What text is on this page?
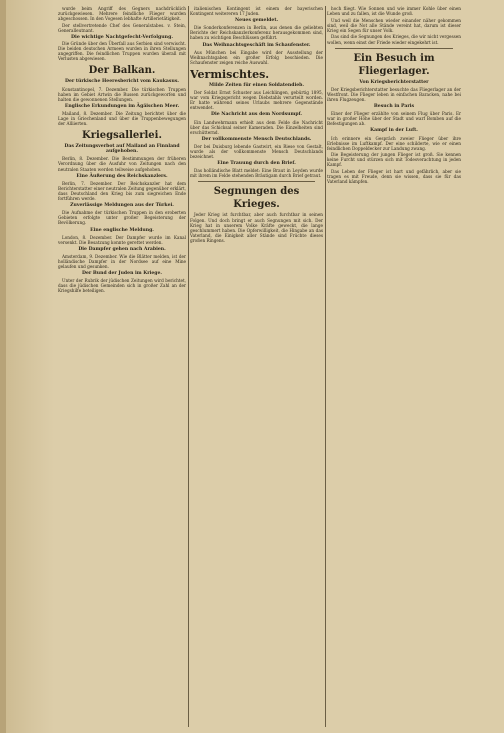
wurde beim Angriff des Gegners nachdrücklich zurückgewiesen. Mehrere feindliche Flieger wurden abgeschossen. In den Vogesen lebhafte Artillerietätigkeit.

Der stellvertretende Chef des Generalstabes. v. Stein, Generalleutnant.

Die wichtige Nachtgefecht-Verfolgung.

Die Gründe über den Überfall aus Serbien sind verwischt. Die beiden deutschen Armeen wurden in ihren Stellungen angegriffen. Die feindlichen Truppen wurden überall mit Verlusten abgewiesen.

Der Balkan.
Der türkische Heeresbericht vom Kaukasus.

Konstantinopel, 7. Dezember. Die türkischen Truppen haben im Gebiet Artwin die Russen zurückgeworfen und halten die gewonnenen Stellungen.

Englische Erkundungen im Ägäischen Meer.

Mailand, 8. Dezember. Die Zeitung berichtet über die Lage in Griechenland und über die Truppenbewegungen der Alliierten.

Kriegsallerlei.
Das Zeitungsverbot auf Mailand an Finnland aufgehoben.

Berlin, 8. Dezember. Die Bestimmungen der früheren Verordnung über die Ausfuhr von Zeitungen nach den neutralen Staaten werden teilweise aufgehoben.

Eine Äußerung des Reichskanzlers.

Berlin, 7. Dezember. Der Reichskanzler hat dem Berichterstatter einer neutralen Zeitung gegenüber erklärt, dass Deutschland den Krieg bis zum siegreichen Ende fortführen werde.

Zuverlässige Meldungen aus der Türkei.

Die Aufnahme der türkischen Truppen in den eroberten Gebieten erfolgte unter großer Begeisterung der Bevölkerung.

Eine englische Meldung.

London, 8. Dezember. Der Dampfer wurde im Kanal versenkt. Die Besatzung konnte gerettet werden.

Die Dampfer gehen nach Arabien.

Amsterdam, 9. Dezember. Wie die Blätter melden, ist der holländische Dampfer in der Nordsee auf eine Mine gelaufen und gesunken.

Der Bund der Juden im Kriege.

Unter der Rubrik der jüdischen Zeitungen wird berichtet, dass die jüdischen Gemeinden sich in großer Zahl an der Kriegshilfe beteiligen.

italienischen Kontingent ist einem der bayerischen Kontingent weitereren 17 Juden.

Neues gemeldet.

Die Sonderkonferenzen in Berlin, aus denen die geliebten Berichte der Reichskanzlerkonferenz herausgekommen sind, haben zu wichtigen Beschlüssen geführt.

Das Weihnachtsgeschäft im Schaufenster.

Aus München bei Eingabe wird der Ausstellung der Weihnachtsgaben ein großer Erfolg beschieden. Die Schaufenster zeigen reiche Auswahl.

Vermischtes.
Milde Zeiten für einen Soldatendieb.

Der Soldat Ernst Schuster aus Leichlingen, gebürtig 1895, war vom Kriegsgericht wegen Diebstahls verurteilt worden. Er hatte während seines Urlaubs mehrere Gegenstände entwendet.

Die Nachricht aus dem Nordsumpf.

Ein Landwehrmann erhielt aus dem Felde die Nachricht über das Schicksal seiner Kameraden. Die Einzelheiten sind erschütternd.

Der vollkommenste Mensch Deutschlands.

Der bei Duisburg lebende Gastwirt, ein Riese von Gestalt, wurde als der vollkommenste Mensch Deutschlands bezeichnet.

Eine Trauung durch den Brief.

Das holländische Blatt meldet: Eine Braut in Leyden wurde mit ihrem im Felde stehenden Bräutigam durch Brief getraut.

Segnungen des Krieges.

Jeder Krieg ist furchtbar, aber auch furchtbar in seinen Folgen. Und doch bringt er auch Segnungen mit sich. Der Krieg hat in unserem Volke Kräfte geweckt, die lange geschlummert haben. Die Opferwilligkeit, die Hingabe an das Vaterland, die Einigkeit aller Stände sind Früchte dieses großen Ringens.

hoch fliegt. Wie Sonnen und wie immer Kohle über einen Leben und zu fallen, ist die Wunde groß.

Und weil die Menschen wieder einander näher gekommen sind, weil die Not alle Stände vereint hat, darum ist dieser Krieg ein Segen für unser Volk.

Das sind die Segnungen des Krieges, die wir nicht vergessen wollen, wenn einst der Friede wieder eingekehrt ist.

Ein Besuch im Fliegerlager.
Von Kriegsberichterstatter

Der Kriegsberichterstatter besuchte das Fliegerlager an der Westfront. Die Flieger leben in einfachen Baracken, nahe bei ihren Flugzeugen.

Besuch in Paris

Einer der Flieger erzählte von seinem Flug über Paris. Er war in großer Höhe über der Stadt und warf Bomben auf die Befestigungen ab.

Kampf in der Luft.

Ich erinnere ein Gespräch zweier Flieger über ihre Erlebnisse im Luftkampf. Der eine schilderte, wie er einen feindlichen Doppeldecker zur Landung zwang.

Die Begeisterung der jungen Flieger ist groß. Sie kennen keine Furcht und stürzen sich mit Todesverachtung in jeden Kampf.

Das Leben der Flieger ist hart und gefährlich, aber sie tragen es mit Freude, denn sie wissen, dass sie für das Vaterland kämpfen.
